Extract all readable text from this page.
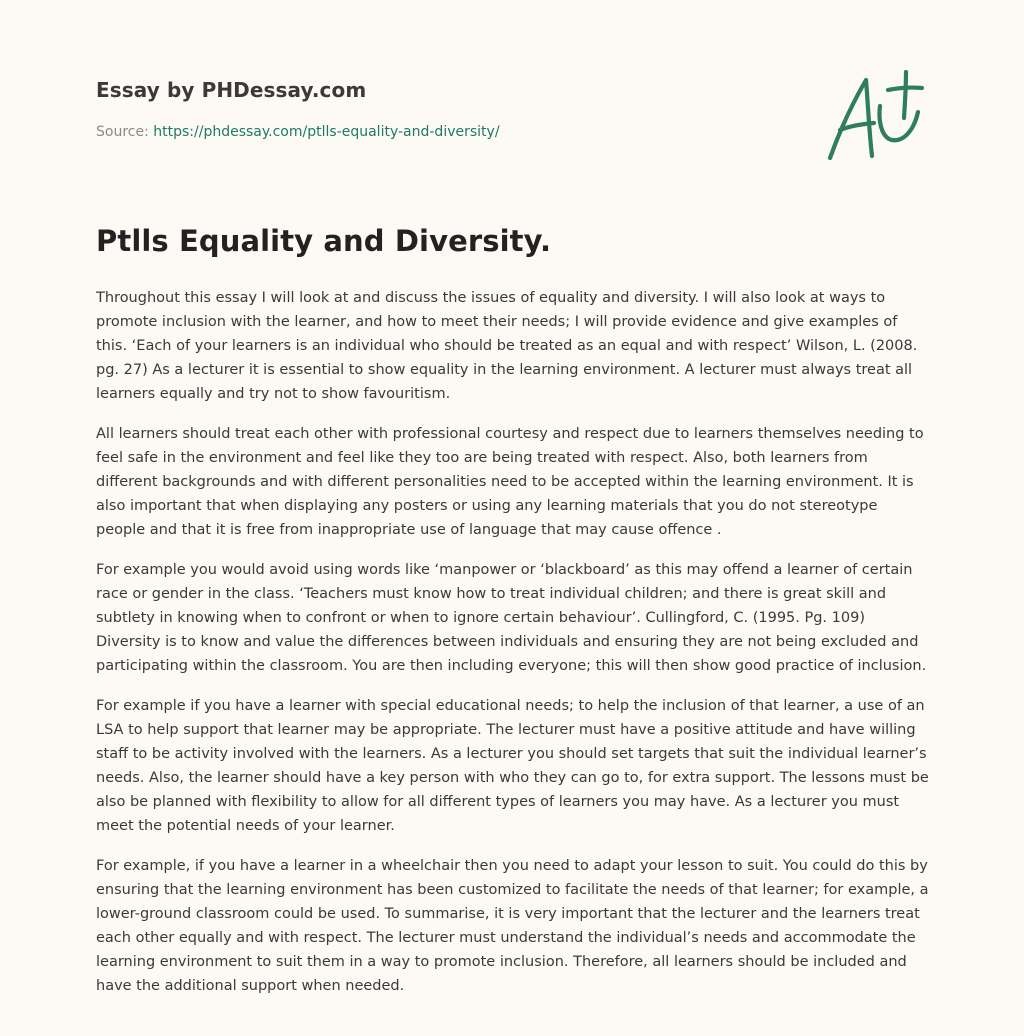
Essay by PHDessay.com
Source: https://phdessay.com/ptlls-equality-and-diversity/
Ptlls Equality and Diversity.

Throughout this essay I will look at and discuss the issues of equality and diversity. I will also look at ways to promote inclusion with the learner, and how to meet their needs; I will provide evidence and give examples of this. ‘Each of your learners is an individual who should be treated as an equal and with respect’ Wilson, L. (2008. pg. 27) As a lecturer it is essential to show equality in the learning environment. A lecturer must always treat all learners equally and try not to show favouritism.

All learners should treat each other with professional courtesy and respect due to learners themselves needing to feel safe in the environment and feel like they too are being treated with respect. Also, both learners from different backgrounds and with different personalities need to be accepted within the learning environment. It is also important that when displaying any posters or using any learning materials that you do not stereotype people and that it is free from inappropriate use of language that may cause offence .

For example you would avoid using words like ‘manpower or ‘blackboard’ as this may offend a learner of certain race or gender in the class. ‘Teachers must know how to treat individual children; and there is great skill and subtlety in knowing when to confront or when to ignore certain behaviour’. Cullingford, C. (1995. Pg. 109) Diversity is to know and value the differences between individuals and ensuring they are not being excluded and participating within the classroom. You are then including everyone; this will then show good practice of inclusion.

For example if you have a learner with special educational needs; to help the inclusion of that learner, a use of an LSA to help support that learner may be appropriate. The lecturer must have a positive attitude and have willing staff to be activity involved with the learners. As a lecturer you should set targets that suit the individual learner’s needs. Also, the learner should have a key person with who they can go to, for extra support. The lessons must be also be planned with flexibility to allow for all different types of learners you may have. As a lecturer you must meet the potential needs of your learner.

For example, if you have a learner in a wheelchair then you need to adapt your lesson to suit. You could do this by ensuring that the learning environment has been customized to facilitate the needs of that learner; for example, a lower-ground classroom could be used. To summarise, it is very important that the lecturer and the learners treat each other equally and with respect. The lecturer must understand the individual’s needs and accommodate the learning environment to suit them in a way to promote inclusion. Therefore, all learners should be included and have the additional support when needed.
